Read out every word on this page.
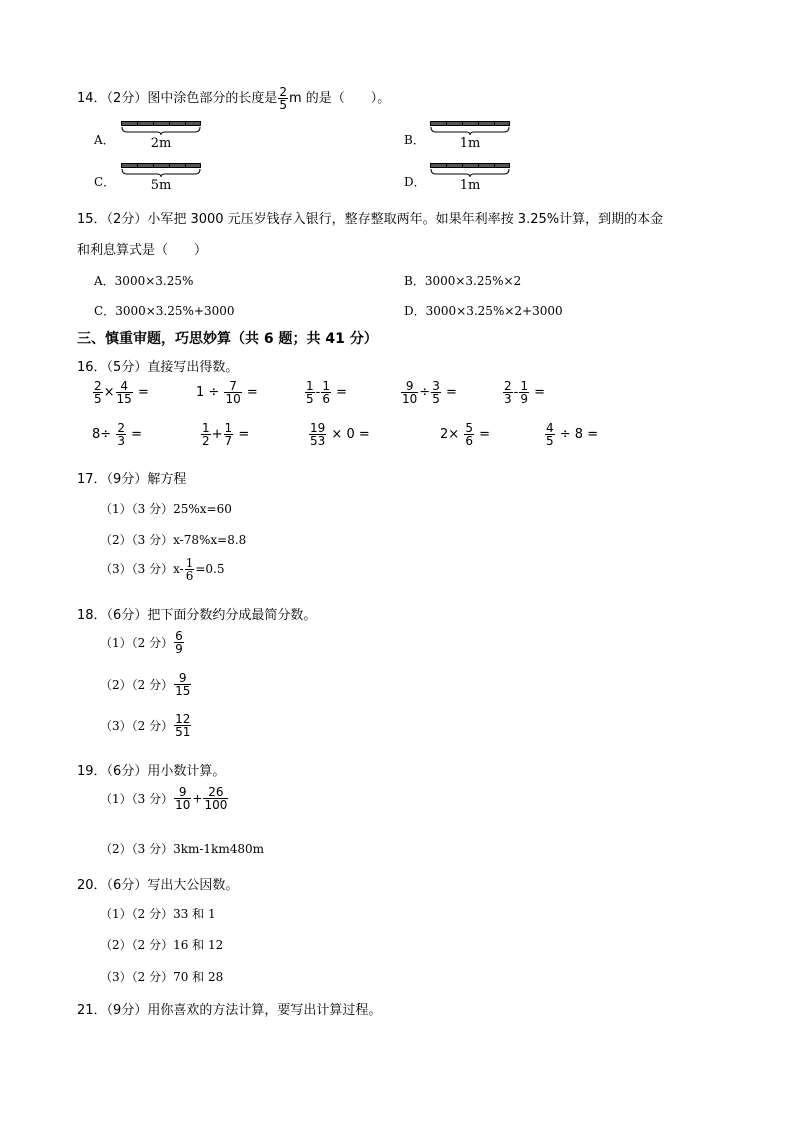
14．（2分）图中涂色部分的长度是 $\frac{2}{5}$ m 的是（　　）。
A．	2m	B．	1m
C．	5m	D．	1m
15．（2分）小军把 3000 元压岁钱存入银行，整存整取两年。如果年利率按 3.25%计算，到期的本金
和利息算式是（　　）
A．3000×3.25%	B．3000×3.25%×2
C．3000×3.25%+3000	D．3000×3.25%×2+3000
三、慎重审题，巧思妙算（共 6 题；共 41 分）
16．（5分）直接写出得数。
$\frac{2}{5} \times \frac{4}{15}$ =	$1 \div \frac{7}{10}$ =	$\frac{1}{5} - \frac{1}{6}$ =	$\frac{9}{10} \div \frac{3}{5}$ =	$\frac{2}{3} - \frac{1}{9}$ =
$8\div \frac{2}{3}$ =	$\frac{1}{2} + \frac{1}{7}$ =	$\frac{19}{53} \times 0$ =	$2\times \frac{5}{6}$ =	$\frac{4}{5} \div 8$ =
17．（9分）解方程
（1）（3 分）25%x=60
（2）（3 分）x-78%x=8.8
（3）（3 分）$x- \frac{1}{6} =0.5$
18．（6分）把下面分数约分成最简分数。
（1）（2 分） $\frac{6}{9}$
（2）（2 分） $\frac{9}{15}$
（3）（2 分） $\frac{12}{51}$
19．（6分）用小数计算。
（1）（3 分） $\frac{9}{10} + \frac{26}{100}$
（2）（3 分）3km-1km480m
20．（6分）写出大公因数。
（1）（2 分）33 和 1
（2）（2 分）16 和 12
（3）（2 分）70 和 28
21．（9分）用你喜欢的方法计算，要写出计算过程。
